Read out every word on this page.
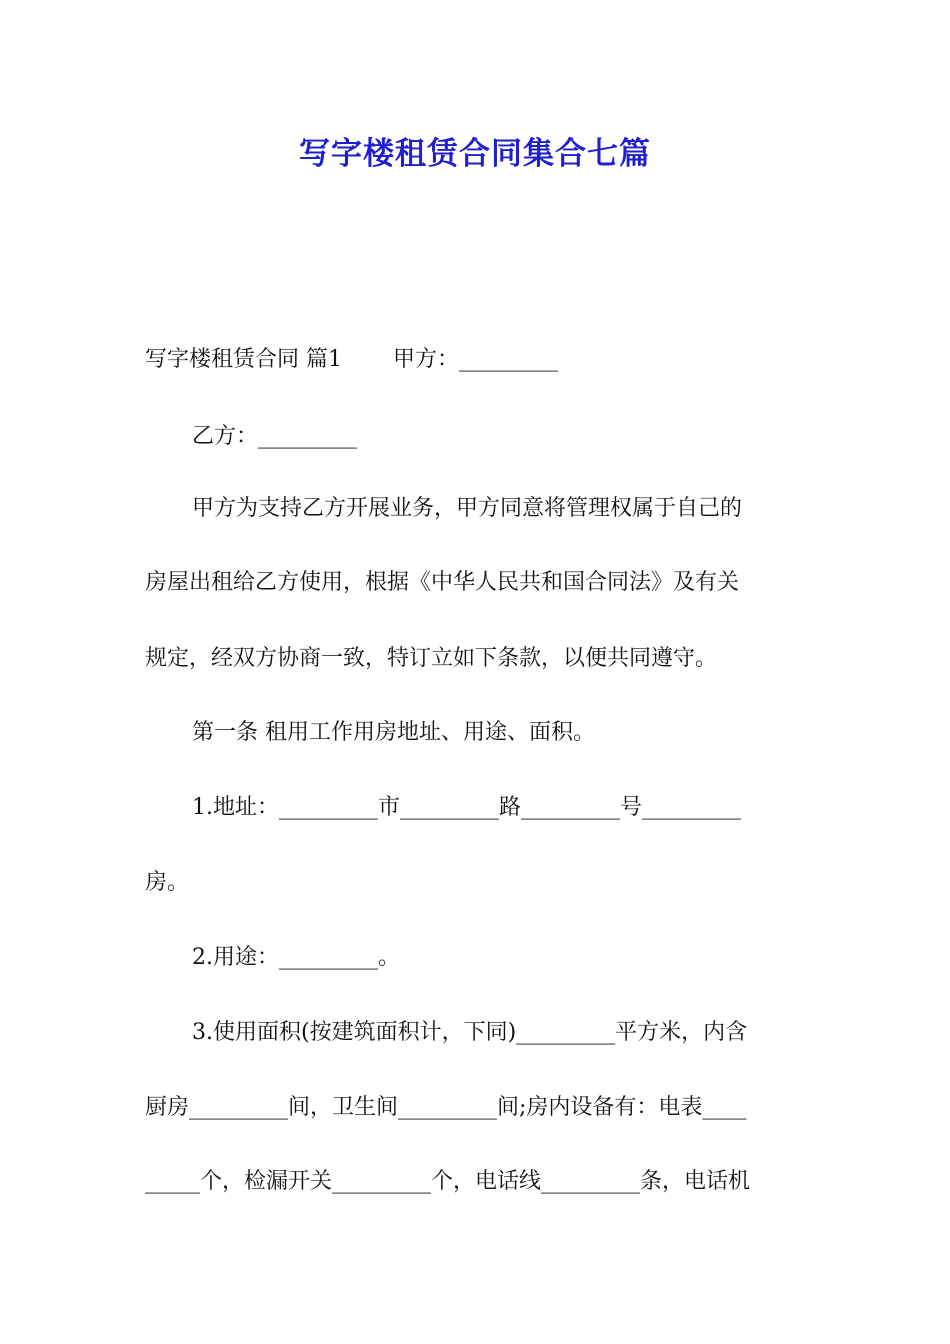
写字楼租赁合同集合七篇
写字楼租赁合同 篇1　　 甲方：_________
乙方：_________
甲方为支持乙方开展业务，甲方同意将管理权属于自己的
房屋出租给乙方使用，根据《中华人民共和国合同法》及有关
规定，经双方协商一致，特订立如下条款，以便共同遵守。
第一条 租用工作用房地址、用途、面积。
1.地址：_________市_________路_________号_________
房。
2.用途：_________。
3.使用面积(按建筑面积计，下同)_________平方米，内含
厨房_________间，卫生间_________间;房内设备有：电表____
_____个，检漏开关_________个，电话线_________条，电话机
